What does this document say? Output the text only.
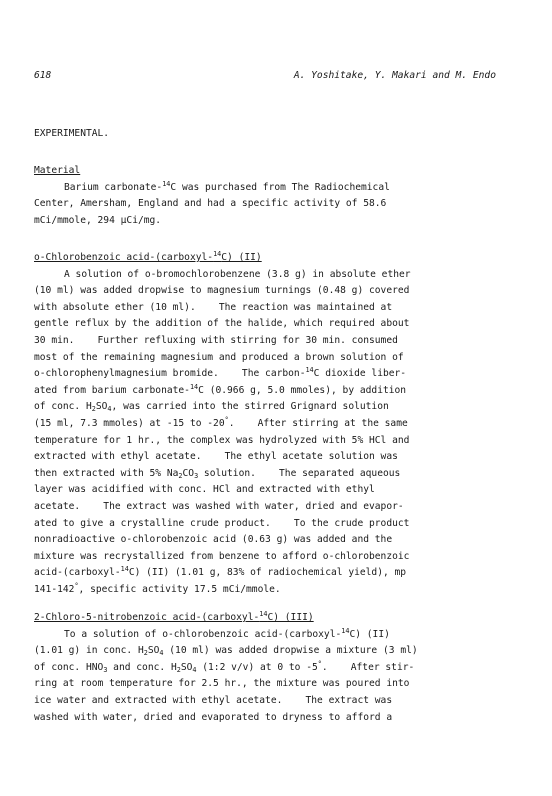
618	A. Yoshitake, Y. Makari and M. Endo
EXPERIMENTAL.
Material
Barium carbonate-$^{14}$C was purchased from The Radiochemical
Center, Amersham, England and had a specific activity of 58.6
mCi/mmole, 294 μCi/mg.
o-Chlorobenzoic acid-(carboxyl-$^{14}$C) (II)
A solution of o-bromochlorobenzene (3.8 g) in absolute ether
(10 ml) was added dropwise to magnesium turnings (0.48 g) covered
with absolute ether (10 ml).    The reaction was maintained at
gentle reflux by the addition of the halide, which required about
30 min.    Further refluxing with stirring for 30 min. consumed
most of the remaining magnesium and produced a brown solution of
o-chlorophenylmagnesium bromide.    The carbon-$^{14}$C dioxide liber-
ated from barium carbonate-$^{14}$C (0.966 g, 5.0 mmoles), by addition
of conc. $H_2SO_4$, was carried into the stirred Grignard solution
(15 ml, 7.3 mmoles) at -15 to -20°.    After stirring at the same
temperature for 1 hr., the complex was hydrolyzed with 5% HCl and
extracted with ethyl acetate.    The ethyl acetate solution was
then extracted with 5% $Na_2CO_3$ solution.    The separated aqueous
layer was acidified with conc. HCl and extracted with ethyl
acetate.    The extract was washed with water, dried and evapor-
ated to give a crystalline crude product.    To the crude product
nonradioactive o-chlorobenzoic acid (0.63 g) was added and the
mixture was recrystallized from benzene to afford o-chlorobenzoic
acid-(carboxyl-$^{14}$C) (II) (1.01 g, 83% of radiochemical yield), mp
141-142°, specific activity 17.5 mCi/mmole.
2-Chloro-5-nitrobenzoic acid-(carboxyl-$^{14}$C) (III)
To a solution of o-chlorobenzoic acid-(carboxyl-$^{14}$C) (II)
(1.01 g) in conc. $H_2SO_4$ (10 ml) was added dropwise a mixture (3 ml)
of conc. $HNO_3$ and conc. $H_2SO_4$ (1:2 v/v) at 0 to -5°.    After stir-
ring at room temperature for 2.5 hr., the mixture was poured into
ice water and extracted with ethyl acetate.    The extract was
washed with water, dried and evaporated to dryness to afford a
